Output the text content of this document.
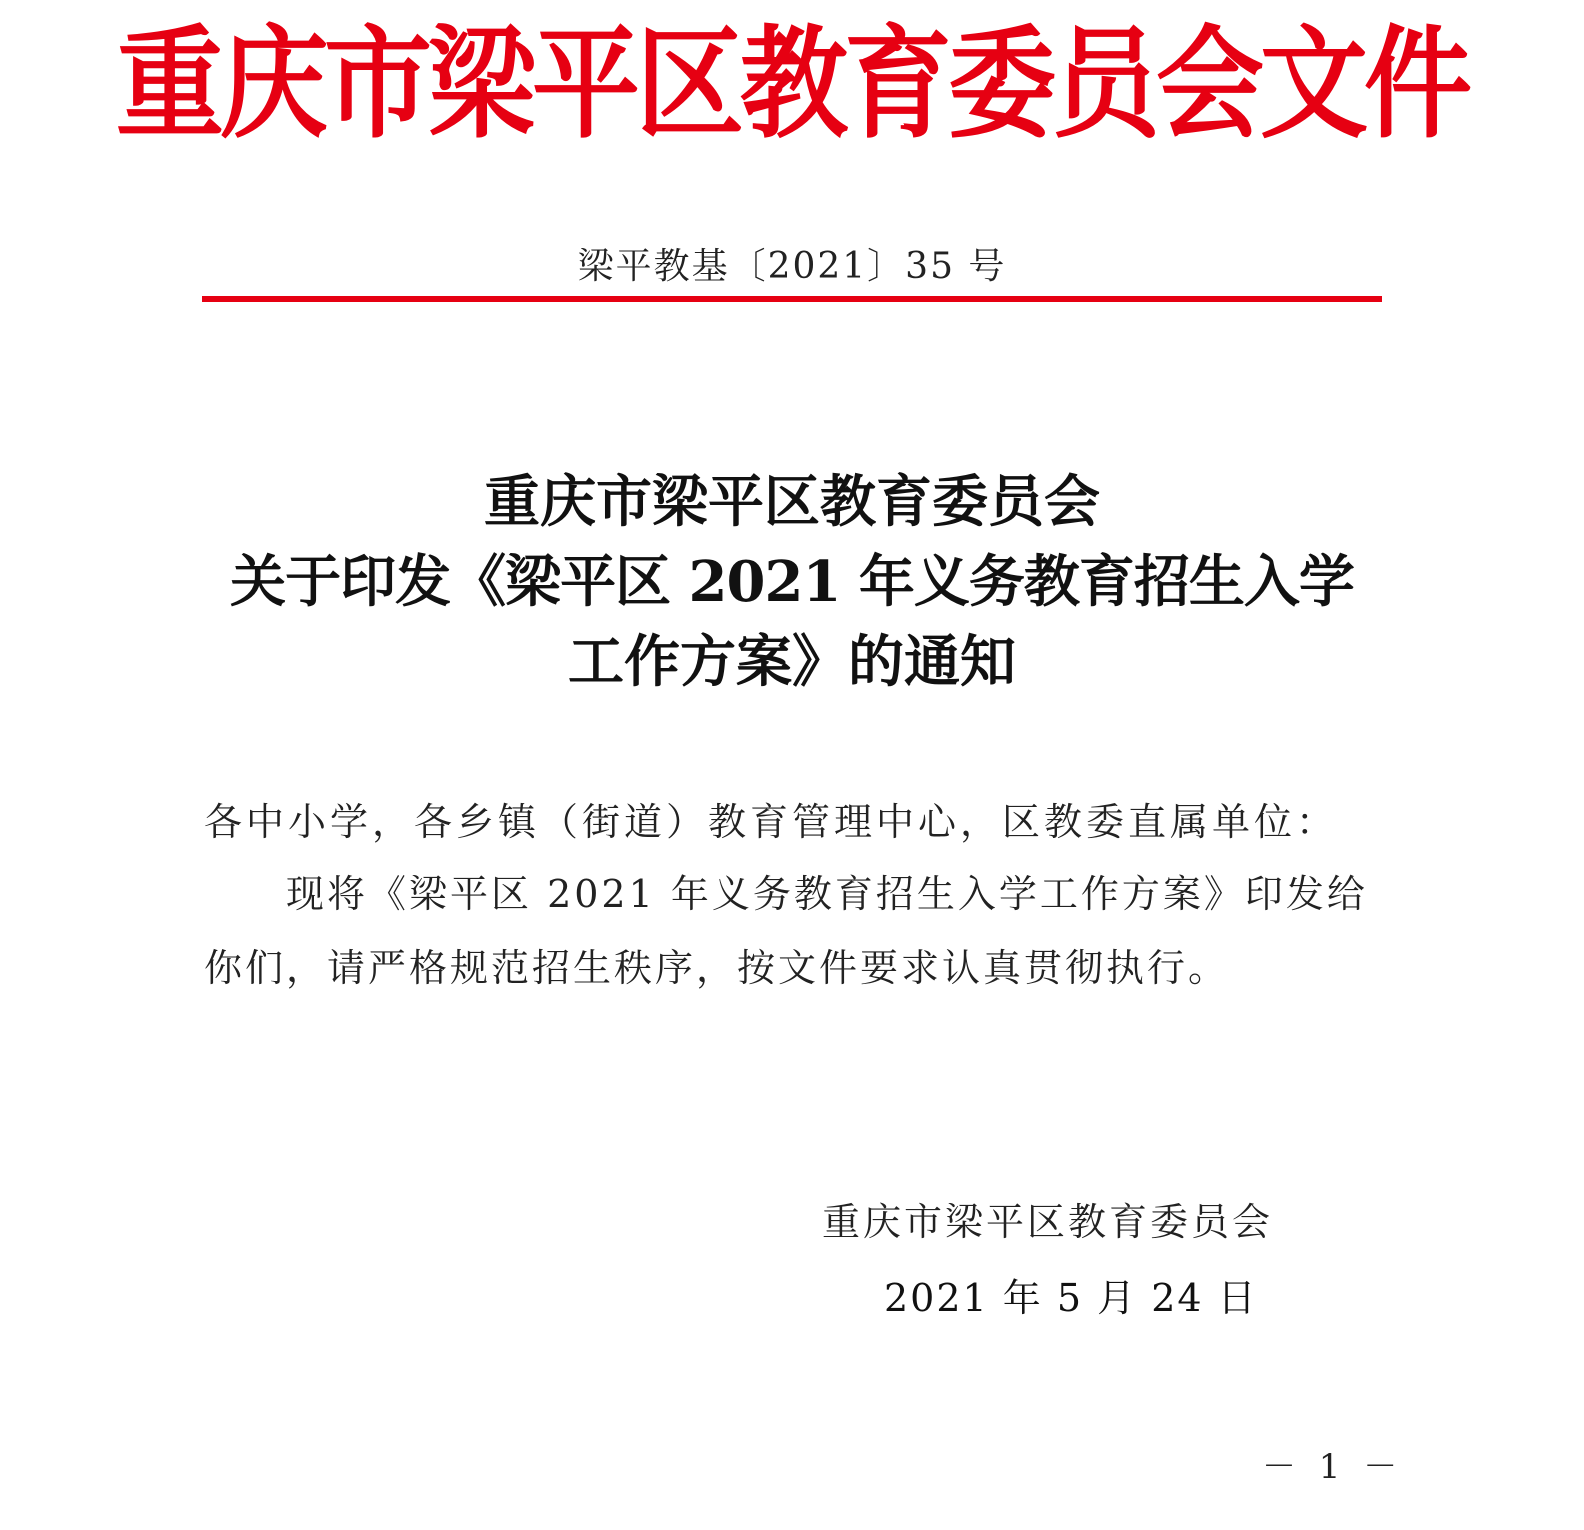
重庆市梁平区教育委员会文件
梁平教基〔2021〕35 号
重庆市梁平区教育委员会
关于印发《梁平区 2021 年义务教育招生入学
工作方案》的通知
各中小学，各乡镇（街道）教育管理中心，区教委直属单位：
现将《梁平区 2021 年义务教育招生入学工作方案》印发给
你们，请严格规范招生秩序，按文件要求认真贯彻执行。
重庆市梁平区教育委员会
2021 年 5 月 24 日
－ 1 －
